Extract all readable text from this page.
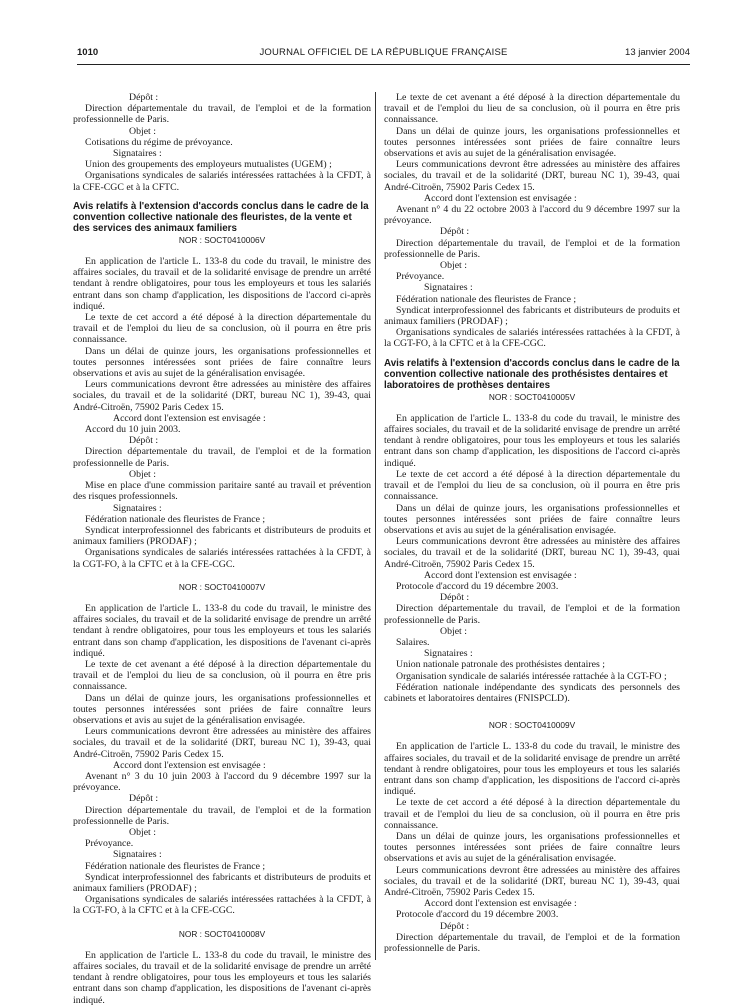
1010	JOURNAL OFFICIEL DE LA RÉPUBLIQUE FRANÇAISE	13 janvier 2004

Dépôt :

Direction départementale du travail, de l'emploi et de la formation professionnelle de Paris.

Objet :

Cotisations du régime de prévoyance.

Signataires :

Union des groupements des employeurs mutualistes (UGEM) ;

Organisations syndicales de salariés intéressées rattachées à la CFDT, à la CFE-CGC et à la CFTC.

Avis relatifs à l'extension d'accords conclus dans le cadre de la convention collective nationale des fleuristes, de la vente et des services des animaux familiers
NOR : SOCT0410006V

En application de l'article L. 133-8 du code du travail, le ministre des affaires sociales, du travail et de la solidarité envisage de prendre un arrêté tendant à rendre obligatoires, pour tous les employeurs et tous les salariés entrant dans son champ d'application, les dispositions de l'accord ci-après indiqué.

Le texte de cet accord a été déposé à la direction départementale du travail et de l'emploi du lieu de sa conclusion, où il pourra en être pris connaissance.

Dans un délai de quinze jours, les organisations professionnelles et toutes personnes intéressées sont priées de faire connaître leurs observations et avis au sujet de la généralisation envisagée.

Leurs communications devront être adressées au ministère des affaires sociales, du travail et de la solidarité (DRT, bureau NC 1), 39-43, quai André-Citroën, 75902 Paris Cedex 15.

Accord dont l'extension est envisagée :

Accord du 10 juin 2003.

Dépôt :

Direction départementale du travail, de l'emploi et de la formation professionnelle de Paris.

Objet :

Mise en place d'une commission paritaire santé au travail et prévention des risques professionnels.

Signataires :

Fédération nationale des fleuristes de France ;

Syndicat interprofessionnel des fabricants et distributeurs de produits et animaux familiers (PRODAF) ;

Organisations syndicales de salariés intéressées rattachées à la CFDT, à la CGT-FO, à la CFTC et à la CFE-CGC.

NOR : SOCT0410007V

En application de l'article L. 133-8 du code du travail, le ministre des affaires sociales, du travail et de la solidarité envisage de prendre un arrêté tendant à rendre obligatoires, pour tous les employeurs et tous les salariés entrant dans son champ d'application, les dispositions de l'avenant ci-après indiqué.

Le texte de cet avenant a été déposé à la direction départementale du travail et de l'emploi du lieu de sa conclusion, où il pourra en être pris connaissance.

Dans un délai de quinze jours, les organisations professionnelles et toutes personnes intéressées sont priées de faire connaître leurs observations et avis au sujet de la généralisation envisagée.

Leurs communications devront être adressées au ministère des affaires sociales, du travail et de la solidarité (DRT, bureau NC 1), 39-43, quai André-Citroën, 75902 Paris Cedex 15.

Accord dont l'extension est envisagée :

Avenant n° 3 du 10 juin 2003 à l'accord du 9 décembre 1997 sur la prévoyance.

Dépôt :

Direction départementale du travail, de l'emploi et de la formation professionnelle de Paris.

Objet :

Prévoyance.

Signataires :

Fédération nationale des fleuristes de France ;

Syndicat interprofessionnel des fabricants et distributeurs de produits et animaux familiers (PRODAF) ;

Organisations syndicales de salariés intéressées rattachées à la CFDT, à la CGT-FO, à la CFTC et à la CFE-CGC.

NOR : SOCT0410008V

En application de l'article L. 133-8 du code du travail, le ministre des affaires sociales, du travail et de la solidarité envisage de prendre un arrêté tendant à rendre obligatoires, pour tous les employeurs et tous les salariés entrant dans son champ d'application, les dispositions de l'avenant ci-après indiqué.

Le texte de cet avenant a été déposé à la direction départementale du travail et de l'emploi du lieu de sa conclusion, où il pourra en être pris connaissance.

Dans un délai de quinze jours, les organisations professionnelles et toutes personnes intéressées sont priées de faire connaître leurs observations et avis au sujet de la généralisation envisagée.

Leurs communications devront être adressées au ministère des affaires sociales, du travail et de la solidarité (DRT, bureau NC 1), 39-43, quai André-Citroën, 75902 Paris Cedex 15.

Accord dont l'extension est envisagée :

Avenant n° 4 du 22 octobre 2003 à l'accord du 9 décembre 1997 sur la prévoyance.

Dépôt :

Direction départementale du travail, de l'emploi et de la formation professionnelle de Paris.

Objet :

Prévoyance.

Signataires :

Fédération nationale des fleuristes de France ;

Syndicat interprofessionnel des fabricants et distributeurs de produits et animaux familiers (PRODAF) ;

Organisations syndicales de salariés intéressées rattachées à la CFDT, à la CGT-FO, à la CFTC et à la CFE-CGC.

Avis relatifs à l'extension d'accords conclus dans le cadre de la convention collective nationale des prothésistes dentaires et laboratoires de prothèses dentaires
NOR : SOCT0410005V

En application de l'article L. 133-8 du code du travail, le ministre des affaires sociales, du travail et de la solidarité envisage de prendre un arrêté tendant à rendre obligatoires, pour tous les employeurs et tous les salariés entrant dans son champ d'application, les dispositions de l'accord ci-après indiqué.

Le texte de cet accord a été déposé à la direction départementale du travail et de l'emploi du lieu de sa conclusion, où il pourra en être pris connaissance.

Dans un délai de quinze jours, les organisations professionnelles et toutes personnes intéressées sont priées de faire connaître leurs observations et avis au sujet de la généralisation envisagée.

Leurs communications devront être adressées au ministère des affaires sociales, du travail et de la solidarité (DRT, bureau NC 1), 39-43, quai André-Citroën, 75902 Paris Cedex 15.

Accord dont l'extension est envisagée :

Protocole d'accord du 19 décembre 2003.

Dépôt :

Direction départementale du travail, de l'emploi et de la formation professionnelle de Paris.

Objet :

Salaires.

Signataires :

Union nationale patronale des prothésistes dentaires ;

Organisation syndicale de salariés intéressée rattachée à la CGT-FO ;

Fédération nationale indépendante des syndicats des personnels des cabinets et laboratoires dentaires (FNISPCLD).

NOR : SOCT0410009V

En application de l'article L. 133-8 du code du travail, le ministre des affaires sociales, du travail et de la solidarité envisage de prendre un arrêté tendant à rendre obligatoires, pour tous les employeurs et tous les salariés entrant dans son champ d'application, les dispositions de l'accord ci-après indiqué.

Le texte de cet accord a été déposé à la direction départementale du travail et de l'emploi du lieu de sa conclusion, où il pourra en être pris connaissance.

Dans un délai de quinze jours, les organisations professionnelles et toutes personnes intéressées sont priées de faire connaître leurs observations et avis au sujet de la généralisation envisagée.

Leurs communications devront être adressées au ministère des affaires sociales, du travail et de la solidarité (DRT, bureau NC 1), 39-43, quai André-Citroën, 75902 Paris Cedex 15.

Accord dont l'extension est envisagée :

Protocole d'accord du 19 décembre 2003.

Dépôt :

Direction départementale du travail, de l'emploi et de la formation professionnelle de Paris.
